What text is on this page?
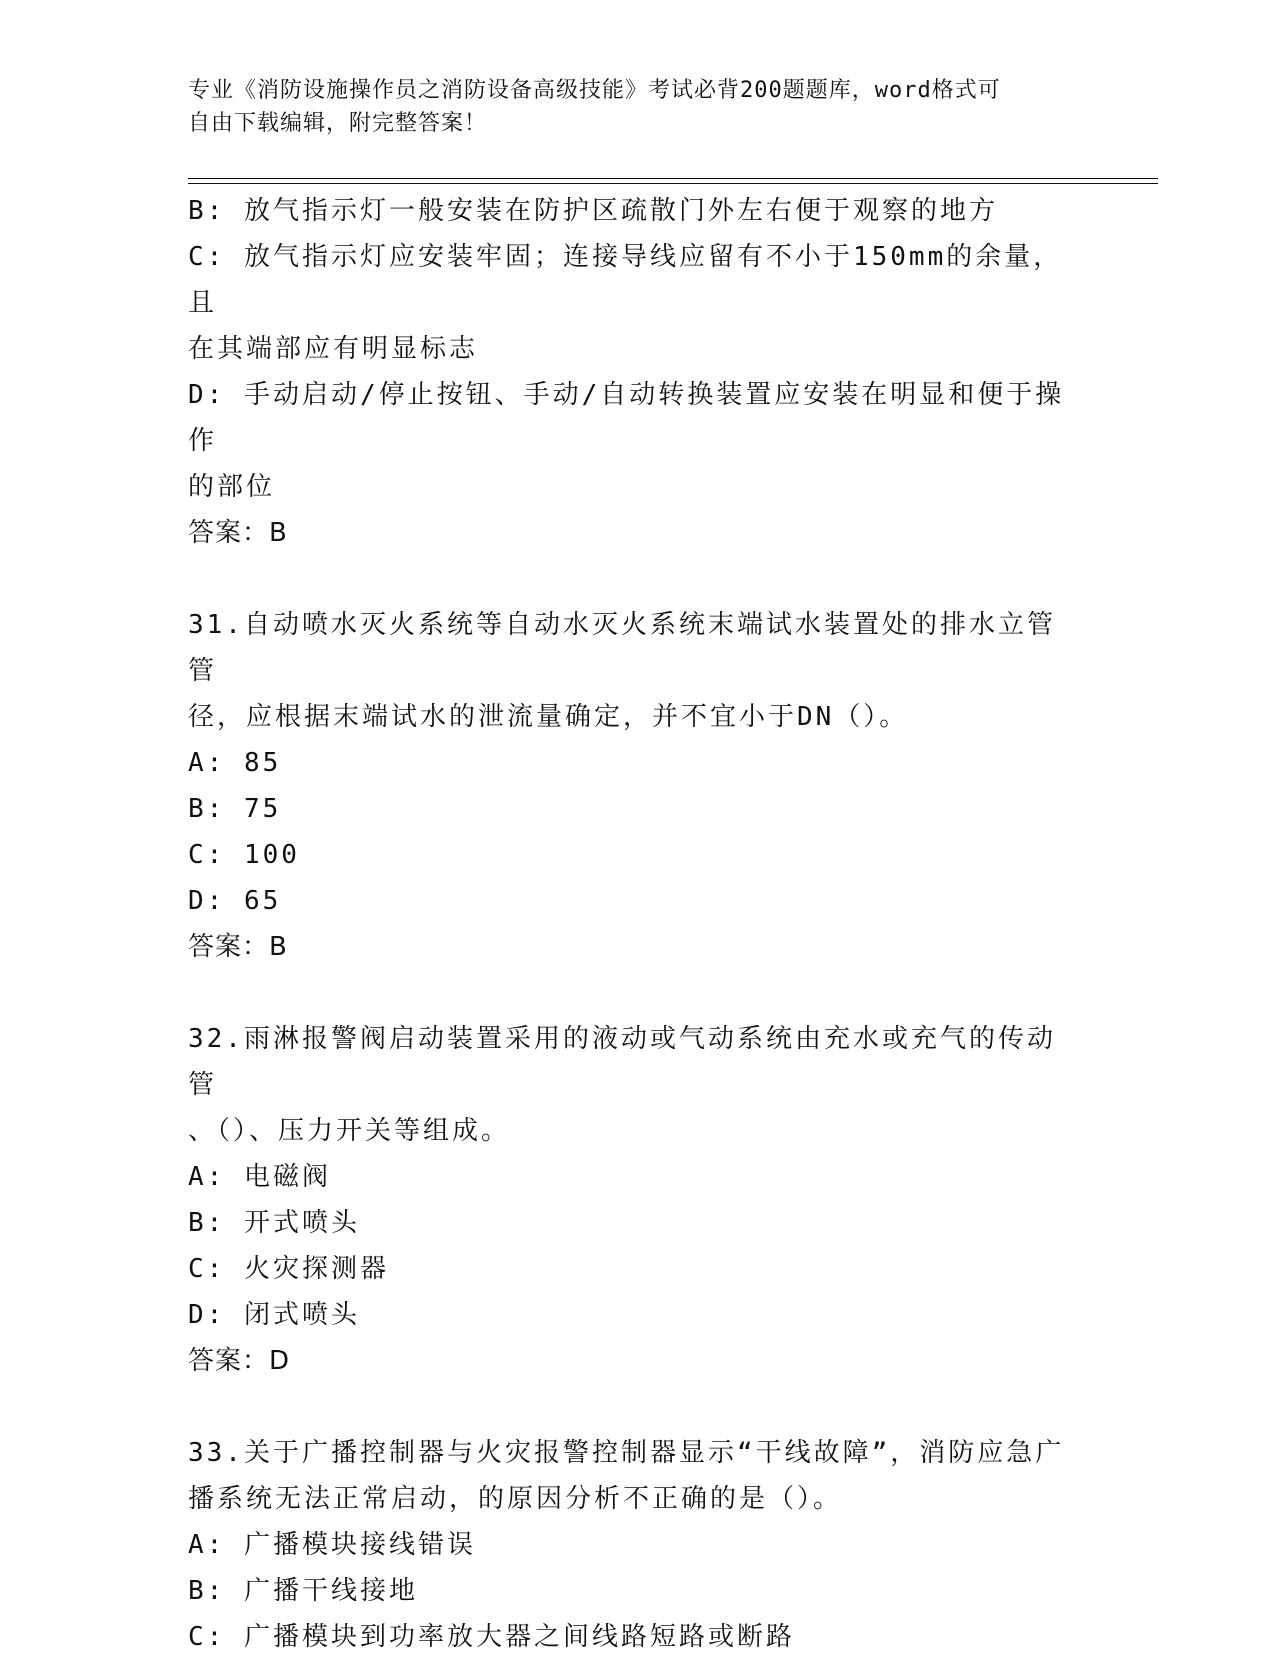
专业《消防设施操作员之消防设备高级技能》考试必背200题题库，word格式可
自由下载编辑，附完整答案！
B: 放气指示灯一般安装在防护区疏散门外左右便于观察的地方
C: 放气指示灯应安装牢固；连接导线应留有不小于150mm的余量，且
在其端部应有明显标志
D: 手动启动/停止按钮、手动/自动转换装置应安装在明显和便于操作
的部位
答案：B
31.自动喷水灭火系统等自动水灭火系统末端试水装置处的排水立管管
径，应根据末端试水的泄流量确定，并不宜小于DN（）。
A: 85
B: 75
C: 100
D: 65
答案：B
32.雨淋报警阀启动装置采用的液动或气动系统由充水或充气的传动管
、（）、压力开关等组成。
A: 电磁阀
B: 开式喷头
C: 火灾探测器
D: 闭式喷头
答案：D
33.关于广播控制器与火灾报警控制器显示“干线故障”，消防应急广
播系统无法正常启动，的原因分析不正确的是（）。
A: 广播模块接线错误
B: 广播干线接地
C: 广播模块到功率放大器之间线路短路或断路
